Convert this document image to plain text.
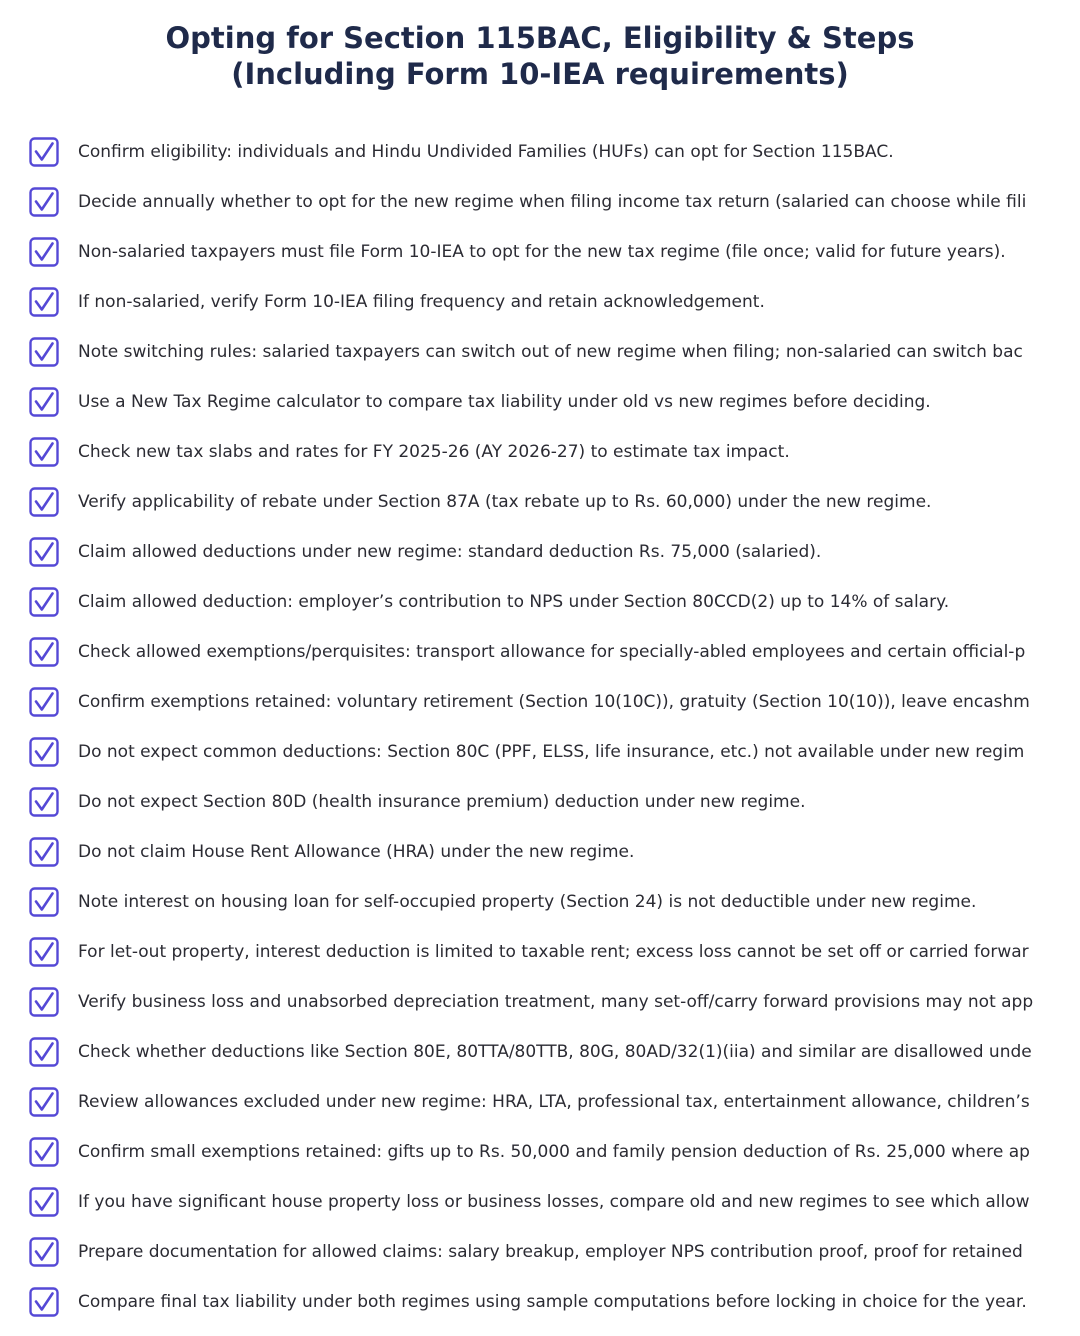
Opting for Section 115BAC, Eligibility & Steps
(Including Form 10-IEA requirements)
Confirm eligibility: individuals and Hindu Undivided Families (HUFs) can opt for Section 115BAC.
Decide annually whether to opt for the new regime when filing income tax return (salaried can choose while fili
Non-salaried taxpayers must file Form 10-IEA to opt for the new tax regime (file once; valid for future years).
If non-salaried, verify Form 10-IEA filing frequency and retain acknowledgement.
Note switching rules: salaried taxpayers can switch out of new regime when filing; non-salaried can switch bac
Use a New Tax Regime calculator to compare tax liability under old vs new regimes before deciding.
Check new tax slabs and rates for FY 2025-26 (AY 2026-27) to estimate tax impact.
Verify applicability of rebate under Section 87A (tax rebate up to Rs. 60,000) under the new regime.
Claim allowed deductions under new regime: standard deduction Rs. 75,000 (salaried).
Claim allowed deduction: employer’s contribution to NPS under Section 80CCD(2) up to 14% of salary.
Check allowed exemptions/perquisites: transport allowance for specially-abled employees and certain official-p
Confirm exemptions retained: voluntary retirement (Section 10(10C)), gratuity (Section 10(10)), leave encashm
Do not expect common deductions: Section 80C (PPF, ELSS, life insurance, etc.) not available under new regim
Do not expect Section 80D (health insurance premium) deduction under new regime.
Do not claim House Rent Allowance (HRA) under the new regime.
Note interest on housing loan for self-occupied property (Section 24) is not deductible under new regime.
For let-out property, interest deduction is limited to taxable rent; excess loss cannot be set off or carried forwar
Verify business loss and unabsorbed depreciation treatment, many set-off/carry forward provisions may not app
Check whether deductions like Section 80E, 80TTA/80TTB, 80G, 80AD/32(1)(iia) and similar are disallowed unde
Review allowances excluded under new regime: HRA, LTA, professional tax, entertainment allowance, children’s
Confirm small exemptions retained: gifts up to Rs. 50,000 and family pension deduction of Rs. 25,000 where ap
If you have significant house property loss or business losses, compare old and new regimes to see which allow
Prepare documentation for allowed claims: salary breakup, employer NPS contribution proof, proof for retained
Compare final tax liability under both regimes using sample computations before locking in choice for the year.
